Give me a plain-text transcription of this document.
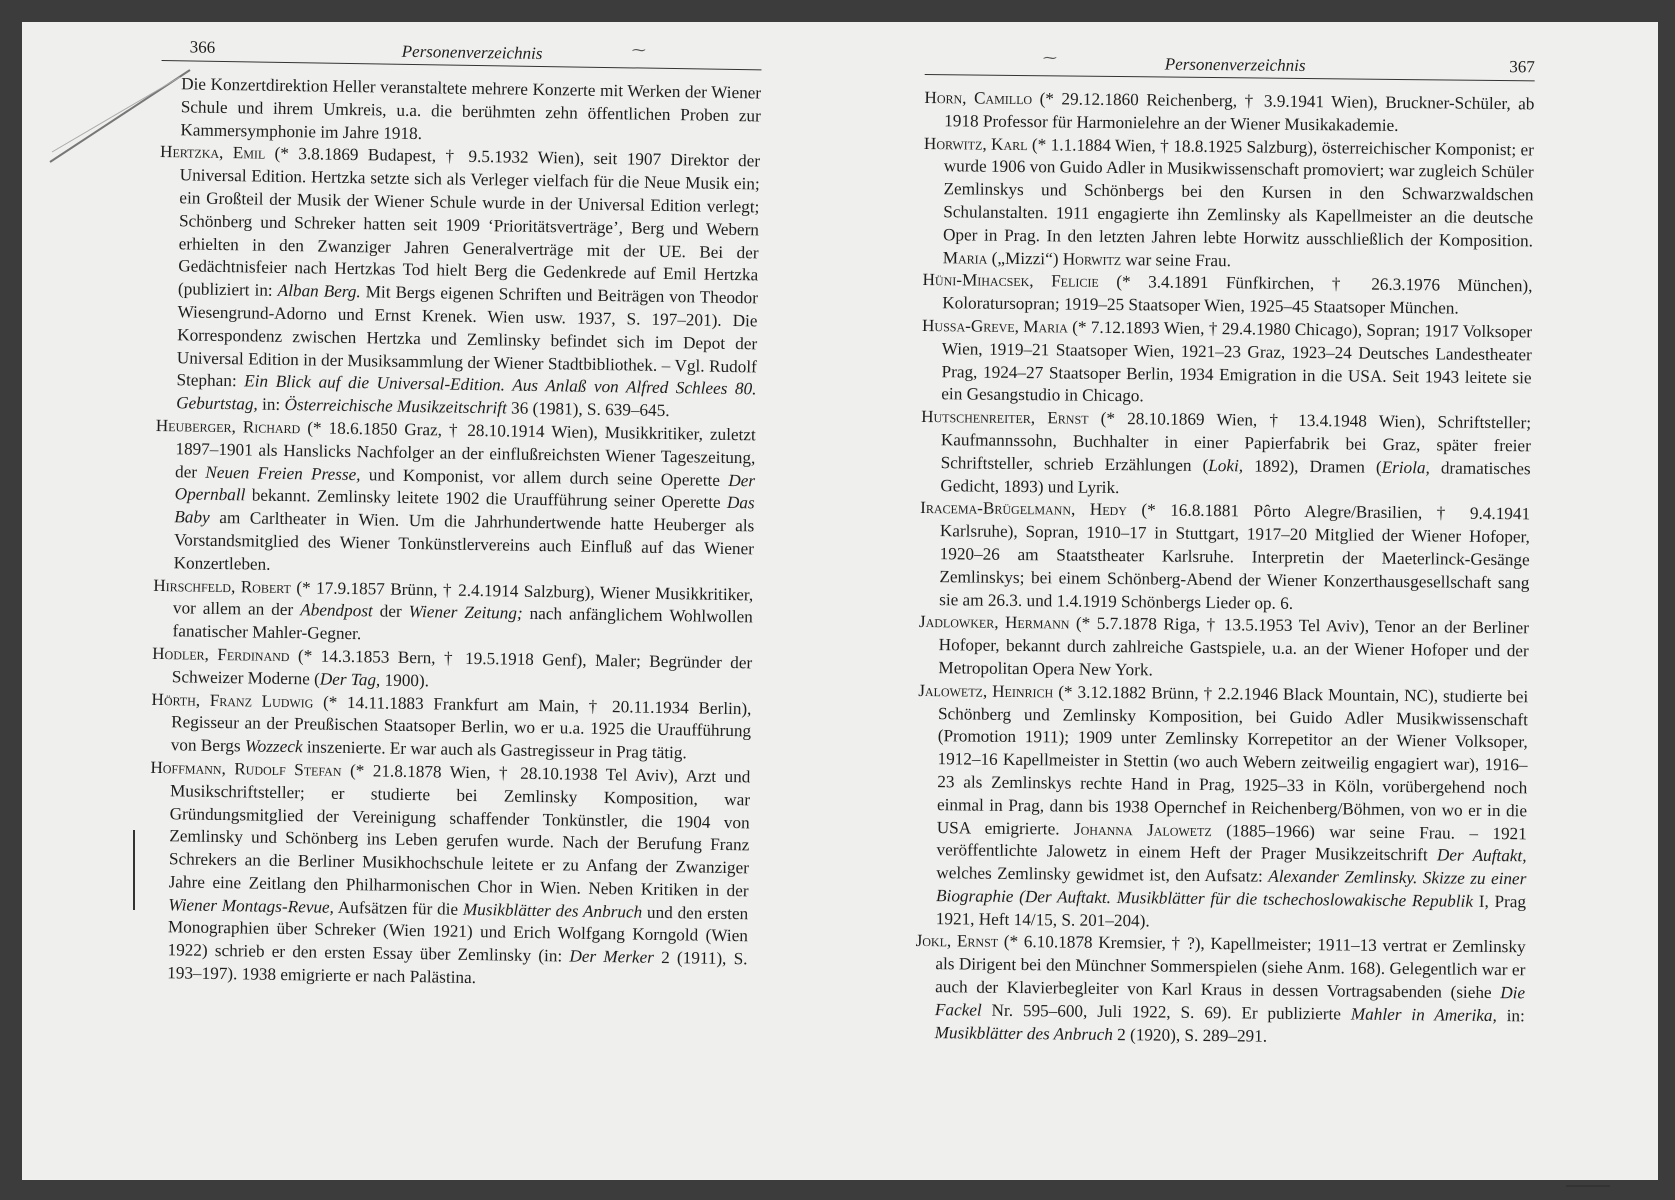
366	Personenverzeichnis	⁓

Die Konzertdirektion Heller veranstaltete mehrere Konzerte mit Werken der Wiener Schule und ihrem Umkreis, u.a. die berühmten zehn öffentlichen Proben zur Kammersymphonie im Jahre 1918.

Hertzka, Emil (* 3.8.1869 Budapest, † 9.5.1932 Wien), seit 1907 Direktor der Universal Edition. Hertzka setzte sich als Verleger vielfach für die Neue Musik ein; ein Großteil der Musik der Wiener Schule wurde in der Universal Edition verlegt; Schönberg und Schreker hatten seit 1909 ‘Prioritätsverträge’, Berg und Webern erhielten in den Zwanziger Jahren Generalverträge mit der UE. Bei der Gedächtnisfeier nach Hertzkas Tod hielt Berg die Gedenkrede auf Emil Hertzka (publiziert in: Alban Berg. Mit Bergs eigenen Schriften und Beiträgen von Theodor Wiesengrund-Adorno und Ernst Krenek. Wien usw. 1937, S. 197–201). Die Korrespondenz zwischen Hertzka und Zemlinsky befindet sich im Depot der Universal Edition in der Musiksammlung der Wiener Stadtbibliothek. – Vgl. Rudolf Stephan: Ein Blick auf die Universal-Edition. Aus Anlaß von Alfred Schlees 80. Geburtstag, in: Österreichische Musikzeitschrift 36 (1981), S. 639–645.

Heuberger, Richard (* 18.6.1850 Graz, † 28.10.1914 Wien), Musikkritiker, zuletzt 1897–1901 als Hanslicks Nachfolger an der einflußreichsten Wiener Tageszeitung, der Neuen Freien Presse, und Komponist, vor allem durch seine Operette Der Opernball bekannt. Zemlinsky leitete 1902 die Uraufführung seiner Operette Das Baby am Carltheater in Wien. Um die Jahrhundertwende hatte Heuberger als Vorstandsmitglied des Wiener Tonkünstlervereins auch Einfluß auf das Wiener Konzertleben.

Hirschfeld, Robert (* 17.9.1857 Brünn, † 2.4.1914 Salzburg), Wiener Musikkritiker, vor allem an der Abendpost der Wiener Zeitung; nach anfänglichem Wohlwollen fanatischer Mahler-Gegner.

Hodler, Ferdinand (* 14.3.1853 Bern, † 19.5.1918 Genf), Maler; Begründer der Schweizer Moderne (Der Tag, 1900).

Hörth, Franz Ludwig (* 14.11.1883 Frankfurt am Main, † 20.11.1934 Berlin), Regisseur an der Preußischen Staatsoper Berlin, wo er u.a. 1925 die Uraufführung von Bergs Wozzeck inszenierte. Er war auch als Gastregisseur in Prag tätig.

Hoffmann, Rudolf Stefan (* 21.8.1878 Wien, † 28.10.1938 Tel Aviv), Arzt und Musikschriftsteller; er studierte bei Zemlinsky Komposition, war Gründungsmitglied der Vereinigung schaffender Tonkünstler, die 1904 von Zemlinsky und Schönberg ins Leben gerufen wurde. Nach der Berufung Franz Schrekers an die Berliner Musikhochschule leitete er zu Anfang der Zwanziger Jahre eine Zeitlang den Philharmonischen Chor in Wien. Neben Kritiken in der Wiener Montags-Revue, Aufsätzen für die Musikblätter des Anbruch und den ersten Monographien über Schreker (Wien 1921) und Erich Wolfgang Korngold (Wien 1922) schrieb er den ersten Essay über Zemlinsky (in: Der Merker 2 (1911), S. 193–197). 1938 emigrierte er nach Palästina.

⁓	Personenverzeichnis	367

Horn, Camillo (* 29.12.1860 Reichenberg, † 3.9.1941 Wien), Bruckner-Schüler, ab 1918 Professor für Harmonielehre an der Wiener Musikakademie.

Horwitz, Karl (* 1.1.1884 Wien, † 18.8.1925 Salzburg), österreichischer Komponist; er wurde 1906 von Guido Adler in Musikwissenschaft promoviert; war zugleich Schüler Zemlinskys und Schönbergs bei den Kursen in den Schwarzwaldschen Schulanstalten. 1911 engagierte ihn Zemlinsky als Kapellmeister an die deutsche Oper in Prag. In den letzten Jahren lebte Horwitz ausschließlich der Komposition. Maria („Mizzi“) Horwitz war seine Frau.

Hüni-Mihacsek, Felicie (* 3.4.1891 Fünfkirchen, † 26.3.1976 München), Koloratursopran; 1919–25 Staatsoper Wien, 1925–45 Staatsoper München.

Hussa-Greve, Maria (* 7.12.1893 Wien, † 29.4.1980 Chicago), Sopran; 1917 Volksoper Wien, 1919–21 Staatsoper Wien, 1921–23 Graz, 1923–24 Deutsches Landestheater Prag, 1924–27 Staatsoper Berlin, 1934 Emigration in die USA. Seit 1943 leitete sie ein Gesangstudio in Chicago.

Hutschenreiter, Ernst (* 28.10.1869 Wien, † 13.4.1948 Wien), Schriftsteller; Kaufmannssohn, Buchhalter in einer Papierfabrik bei Graz, später freier Schriftsteller, schrieb Erzählungen (Loki, 1892), Dramen (Eriola, dramatisches Gedicht, 1893) und Lyrik.

Iracema-Brügelmann, Hedy (* 16.8.1881 Pôrto Alegre/Brasilien, † 9.4.1941 Karlsruhe), Sopran, 1910–17 in Stuttgart, 1917–20 Mitglied der Wiener Hofoper, 1920–26 am Staatstheater Karlsruhe. Interpretin der Maeterlinck-Gesänge Zemlinskys; bei einem Schönberg-Abend der Wiener Konzerthausgesellschaft sang sie am 26.3. und 1.4.1919 Schönbergs Lieder op. 6.

Jadlowker, Hermann (* 5.7.1878 Riga, † 13.5.1953 Tel Aviv), Tenor an der Berliner Hofoper, bekannt durch zahlreiche Gastspiele, u.a. an der Wiener Hofoper und der Metropolitan Opera New York.

Jalowetz, Heinrich (* 3.12.1882 Brünn, † 2.2.1946 Black Mountain, NC), studierte bei Schönberg und Zemlinsky Komposition, bei Guido Adler Musikwissenschaft (Promotion 1911); 1909 unter Zemlinsky Korrepetitor an der Wiener Volksoper, 1912–16 Kapellmeister in Stettin (wo auch Webern zeitweilig engagiert war), 1916–23 als Zemlinskys rechte Hand in Prag, 1925–33 in Köln, vorübergehend noch einmal in Prag, dann bis 1938 Opernchef in Reichenberg/Böhmen, von wo er in die USA emigrierte. Johanna Jalowetz (1885–1966) war seine Frau. – 1921 veröffentlichte Jalowetz in einem Heft der Prager Musikzeitschrift Der Auftakt, welches Zemlinsky gewidmet ist, den Aufsatz: Alexander Zemlinsky. Skizze zu einer Biographie (Der Auftakt. Musikblätter für die tschechoslowakische Republik I, Prag 1921, Heft 14/15, S. 201–204).

Jokl, Ernst (* 6.10.1878 Kremsier, † ?), Kapellmeister; 1911–13 vertrat er Zemlinsky als Dirigent bei den Münchner Sommerspielen (siehe Anm. 168). Gelegentlich war er auch der Klavierbegleiter von Karl Kraus in dessen Vortragsabenden (siehe Die Fackel Nr. 595–600, Juli 1922, S. 69). Er publizierte Mahler in Amerika, in: Musikblätter des Anbruch 2 (1920), S. 289–291.
